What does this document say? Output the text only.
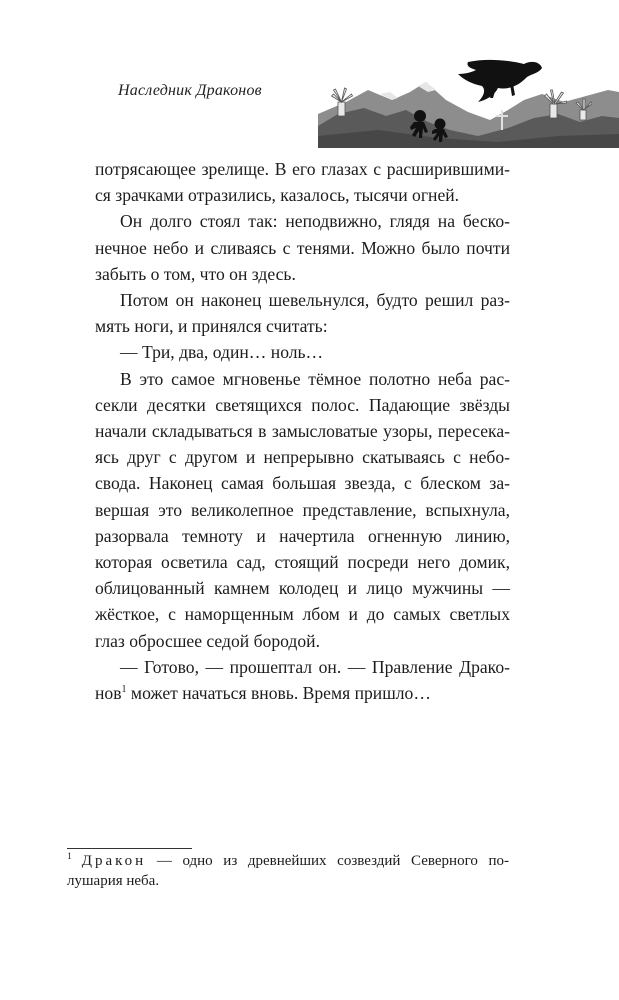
Наследник Драконов

потрясающее зрелище. В его глазах с расширившимися зрачками отразились, казалось, тысячи огней.

Он долго стоял так: неподвижно, глядя на бесконечное небо и сливаясь с тенями. Можно было почти забыть о том, что он здесь.

Потом он наконец шевельнулся, будто решил размять ноги, и принялся считать:

— Три, два, один… ноль…

В это самое мгновенье тёмное полотно неба рассекли десятки светящихся полос. Падающие звёзды начали складываться в замысловатые узоры, пересекаясь друг с другом и непрерывно скатываясь с небосвода. Наконец самая большая звезда, с блеском завершая это великолепное представление, вспыхнула, разорвала темноту и начертила огненную линию, которая осветила сад, стоящий посреди него домик, облицованный камнем колодец и лицо мужчины — жёсткое, с наморщенным лбом и до самых светлых глаз обросшее седой бородой.

— Готово, — прошептал он. — Правление Драконов$^1$ может начаться вновь. Время пришло…

$^1$ Дракон — одно из древнейших созвездий Северного полушария неба.
